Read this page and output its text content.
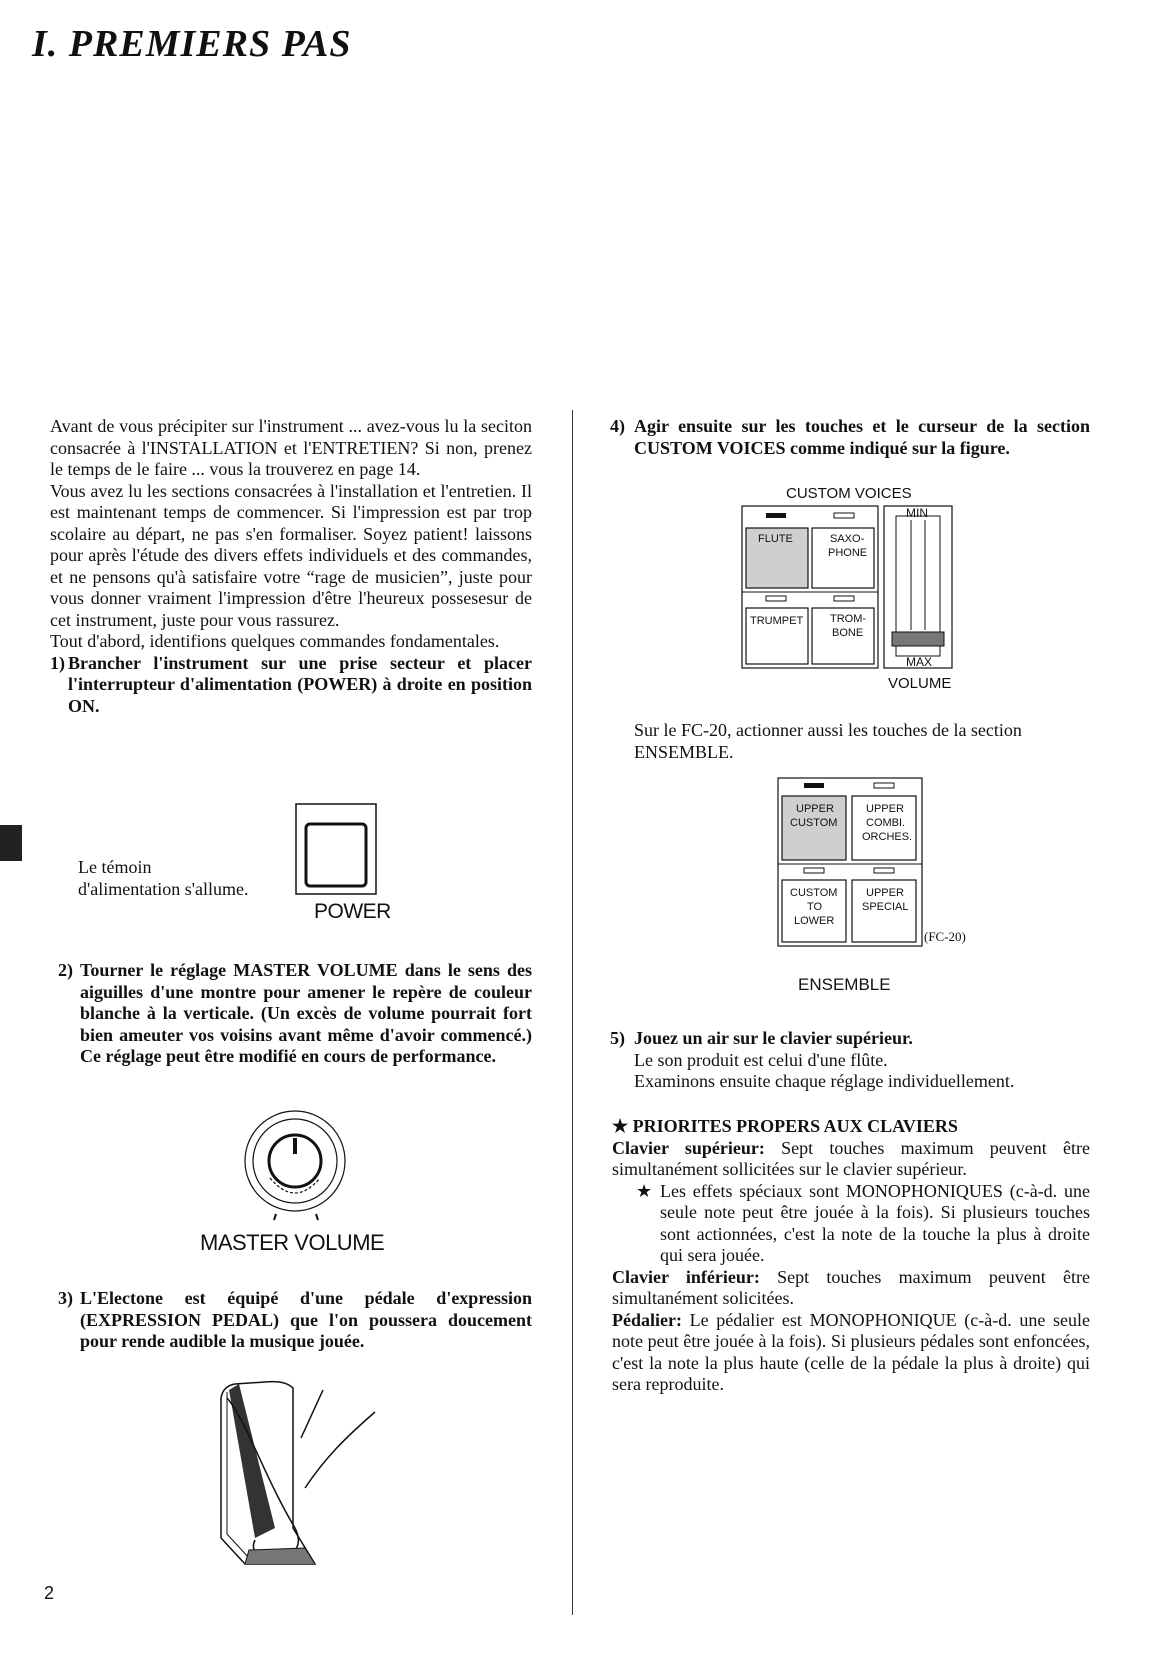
I. PREMIERS PAS

Avant de vous précipiter sur l'instrument ... avez-vous lu la seciton consacrée à l'INSTALLATION et l'ENTRETIEN? Si non, prenez le temps de le faire ... vous la trouverez en page 14.

Vous avez lu les sections consacrées à l'installation et l'entretien. Il est maintenant temps de commencer. Si l'impression est par trop scolaire au départ, ne pas s'en formaliser. Soyez patient! laissons pour après l'étude des divers effets individuels et des commandes, et ne pensons qu'à satisfaire votre “rage de musicien”, juste pour vous donner vraiment l'impression d'être l'heureux possesesur de cet instrument, juste pour vous rassurez.

Tout d'abord, identifions quelques commandes fondamentales.

1) Brancher l'instrument sur une prise secteur et placer l'interrupteur d'alimentation (POWER) à droite en position ON.

Le témoin

d'alimentation s'allume.

POWER
2) Tourner le réglage MASTER VOLUME dans le sens des aiguilles d'une montre pour amener le repère de couleur blanche à la verticale. (Un excès de volume pourrait fort bien ameuter vos voisins avant même d'avoir commencé.) Ce réglage peut être modifié en cours de performance.
MASTER VOLUME
3) L'Electone est équipé d'une pédale d'expression (EXPRESSION PEDAL) que l'on poussera doucement pour rende audible la musique jouée.
2
4) Agir ensuite sur les touches et le curseur de la section CUSTOM VOICES comme indiqué sur la figure.
CUSTOM VOICES
FLUTE	SAXO-
PHONE
TRUMPET TROM-
BONE
MIN
MAX
VOLUME

Sur le FC-20, actionner aussi les touches de la section ENSEMBLE.

UPPER
CUSTOM
UPPER
COMBI.
ORCHES.
CUSTOM
TO
LOWER
UPPER
SPECIAL
(FC-20)
ENSEMBLE
5) Jouez un air sur le clavier supérieur.
Le son produit est celui d'une flûte.
Examinons ensuite chaque réglage individuellement.

★ PRIORITES PROPERS AUX CLAVIERS

Clavier supérieur: Sept touches maximum peuvent être simultanément sollicitées sur le clavier supérieur.

★ Les effets spéciaux sont MONOPHONIQUES (c-à-d. une seule note peut être jouée à la fois). Si plusieurs touches sont actionnées, c'est la note de la touche la plus à droite qui sera jouée.

Clavier inférieur: Sept touches maximum peuvent être simultanément solicitées.

Pédalier: Le pédalier est MONOPHONIQUE (c-à-d. une seule note peut être jouée à la fois). Si plusieurs pédales sont enfoncées, c'est la note la plus haute (celle de la pédale la plus à droite) qui sera reproduite.
